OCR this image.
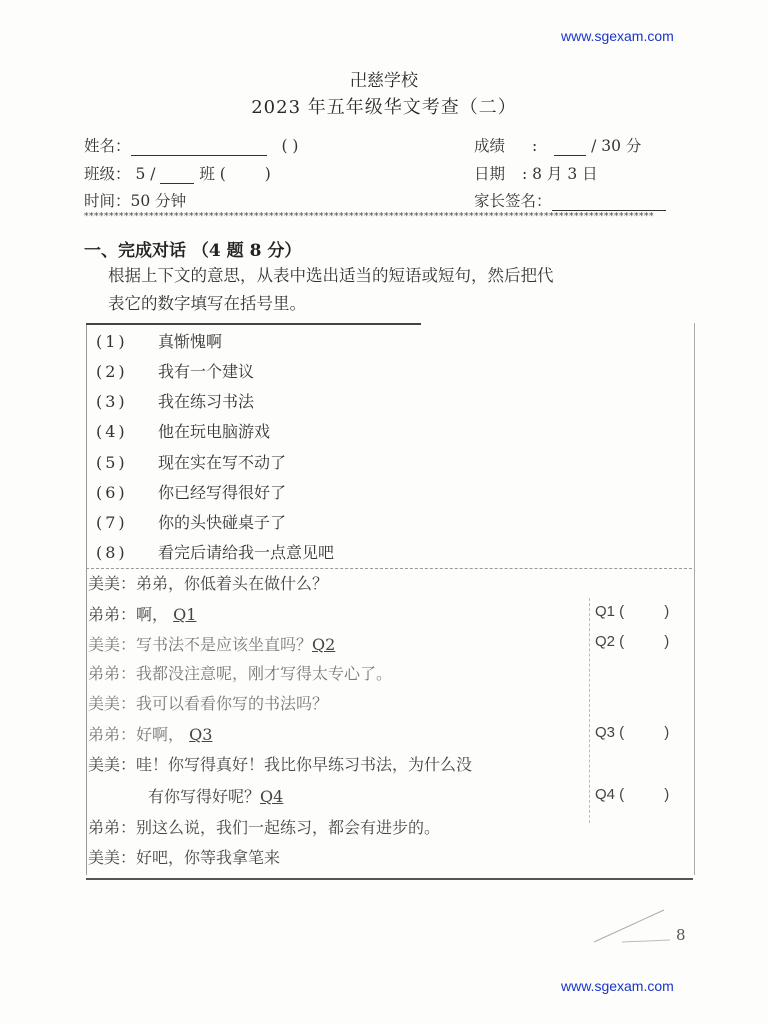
www.sgexam.com
卍慈学校
2023 年五年级华文考查（二）
姓名：	( )	成绩 :	/ 30 分
班级： 5 /	班 (	)	日期 : 8 月 3 日
时间：50 分钟	家长签名：
******************************************************************************************************************
一、完成对话 （4 题 8 分）
根据上下文的意思，从表中选出适当的短语或短句，然后把代
表它的数字填写在括号里。
(1) 真惭愧啊
(2) 我有一个建议
(3) 我在练习书法
(4) 他在玩电脑游戏
(5) 现在实在写不动了
(6) 你已经写得很好了
(7) 你的头快碰桌子了
(8) 看完后请给我一点意见吧
美美：弟弟，你低着头在做什么？
弟弟：啊， Q1
美美：写书法不是应该坐直吗？Q2
弟弟：我都没注意呢，刚才写得太专心了。
美美：我可以看看你写的书法吗？
弟弟：好啊， Q3
美美：哇！你写得真好！我比你早练习书法，为什么没
有你写得好呢？Q4
弟弟：别这么说，我们一起练习，都会有进步的。
美美：好吧，你等我拿笔来
Q1 (	)
Q2 (	)
Q3 (	)
Q4 (	)
8
www.sgexam.com
